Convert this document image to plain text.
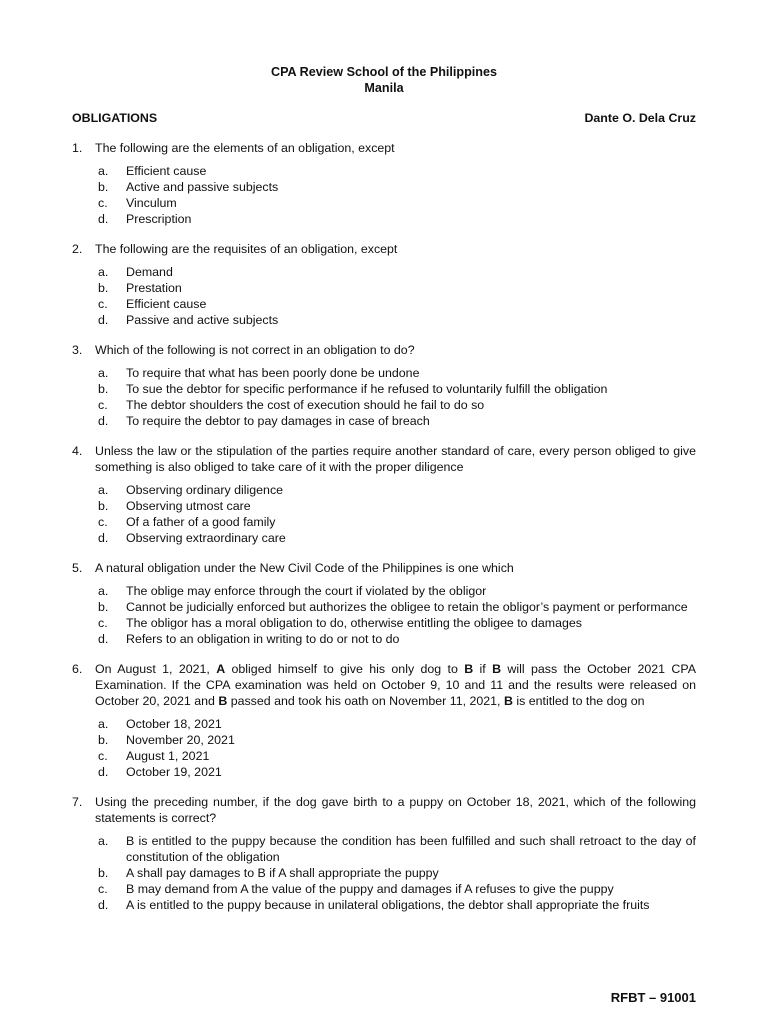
CPA Review School of the Philippines
Manila
OBLIGATIONS	Dante O. Dela Cruz
1.	The following are the elements of an obligation, except
a.	Efficient cause
b.	Active and passive subjects
c.	Vinculum
d.	Prescription
2.	The following are the requisites of an obligation, except
a.	Demand
b.	Prestation
c.	Efficient cause
d.	Passive and active subjects
3.	Which of the following is not correct in an obligation to do?
a.	To require that what has been poorly done be undone
b.	To sue the debtor for specific performance if he refused to voluntarily fulfill the obligation
c.	The debtor shoulders the cost of execution should he fail to do so
d.	To require the debtor to pay damages in case of breach
4.	Unless the law or the stipulation of the parties require another standard of care, every person obliged to give something is also obliged to take care of it with the proper diligence
a.	Observing ordinary diligence
b.	Observing utmost care
c.	Of a father of a good family
d.	Observing extraordinary care
5.	A natural obligation under the New Civil Code of the Philippines is one which
a.	The oblige may enforce through the court if violated by the obligor
b.	Cannot be judicially enforced but authorizes the obligee to retain the obligor’s payment or performance
c.	The obligor has a moral obligation to do, otherwise entitling the obligee to damages
d.	Refers to an obligation in writing to do or not to do
6.	On August 1, 2021, A obliged himself to give his only dog to B if B will pass the October 2021 CPA Examination. If the CPA examination was held on October 9, 10 and 11 and the results were released on October 20, 2021 and B passed and took his oath on November 11, 2021, B is entitled to the dog on
a.	October 18, 2021
b.	November 20, 2021
c.	August 1, 2021
d.	October 19, 2021
7.	Using the preceding number, if the dog gave birth to a puppy on October 18, 2021, which of the following statements is correct?
a.	B is entitled to the puppy because the condition has been fulfilled and such shall retroact to the day of constitution of the obligation
b.	A shall pay damages to B if A shall appropriate the puppy
c.	B may demand from A the value of the puppy and damages if A refuses to give the puppy
d.	A is entitled to the puppy because in unilateral obligations, the debtor shall appropriate the fruits
RFBT – 91001
